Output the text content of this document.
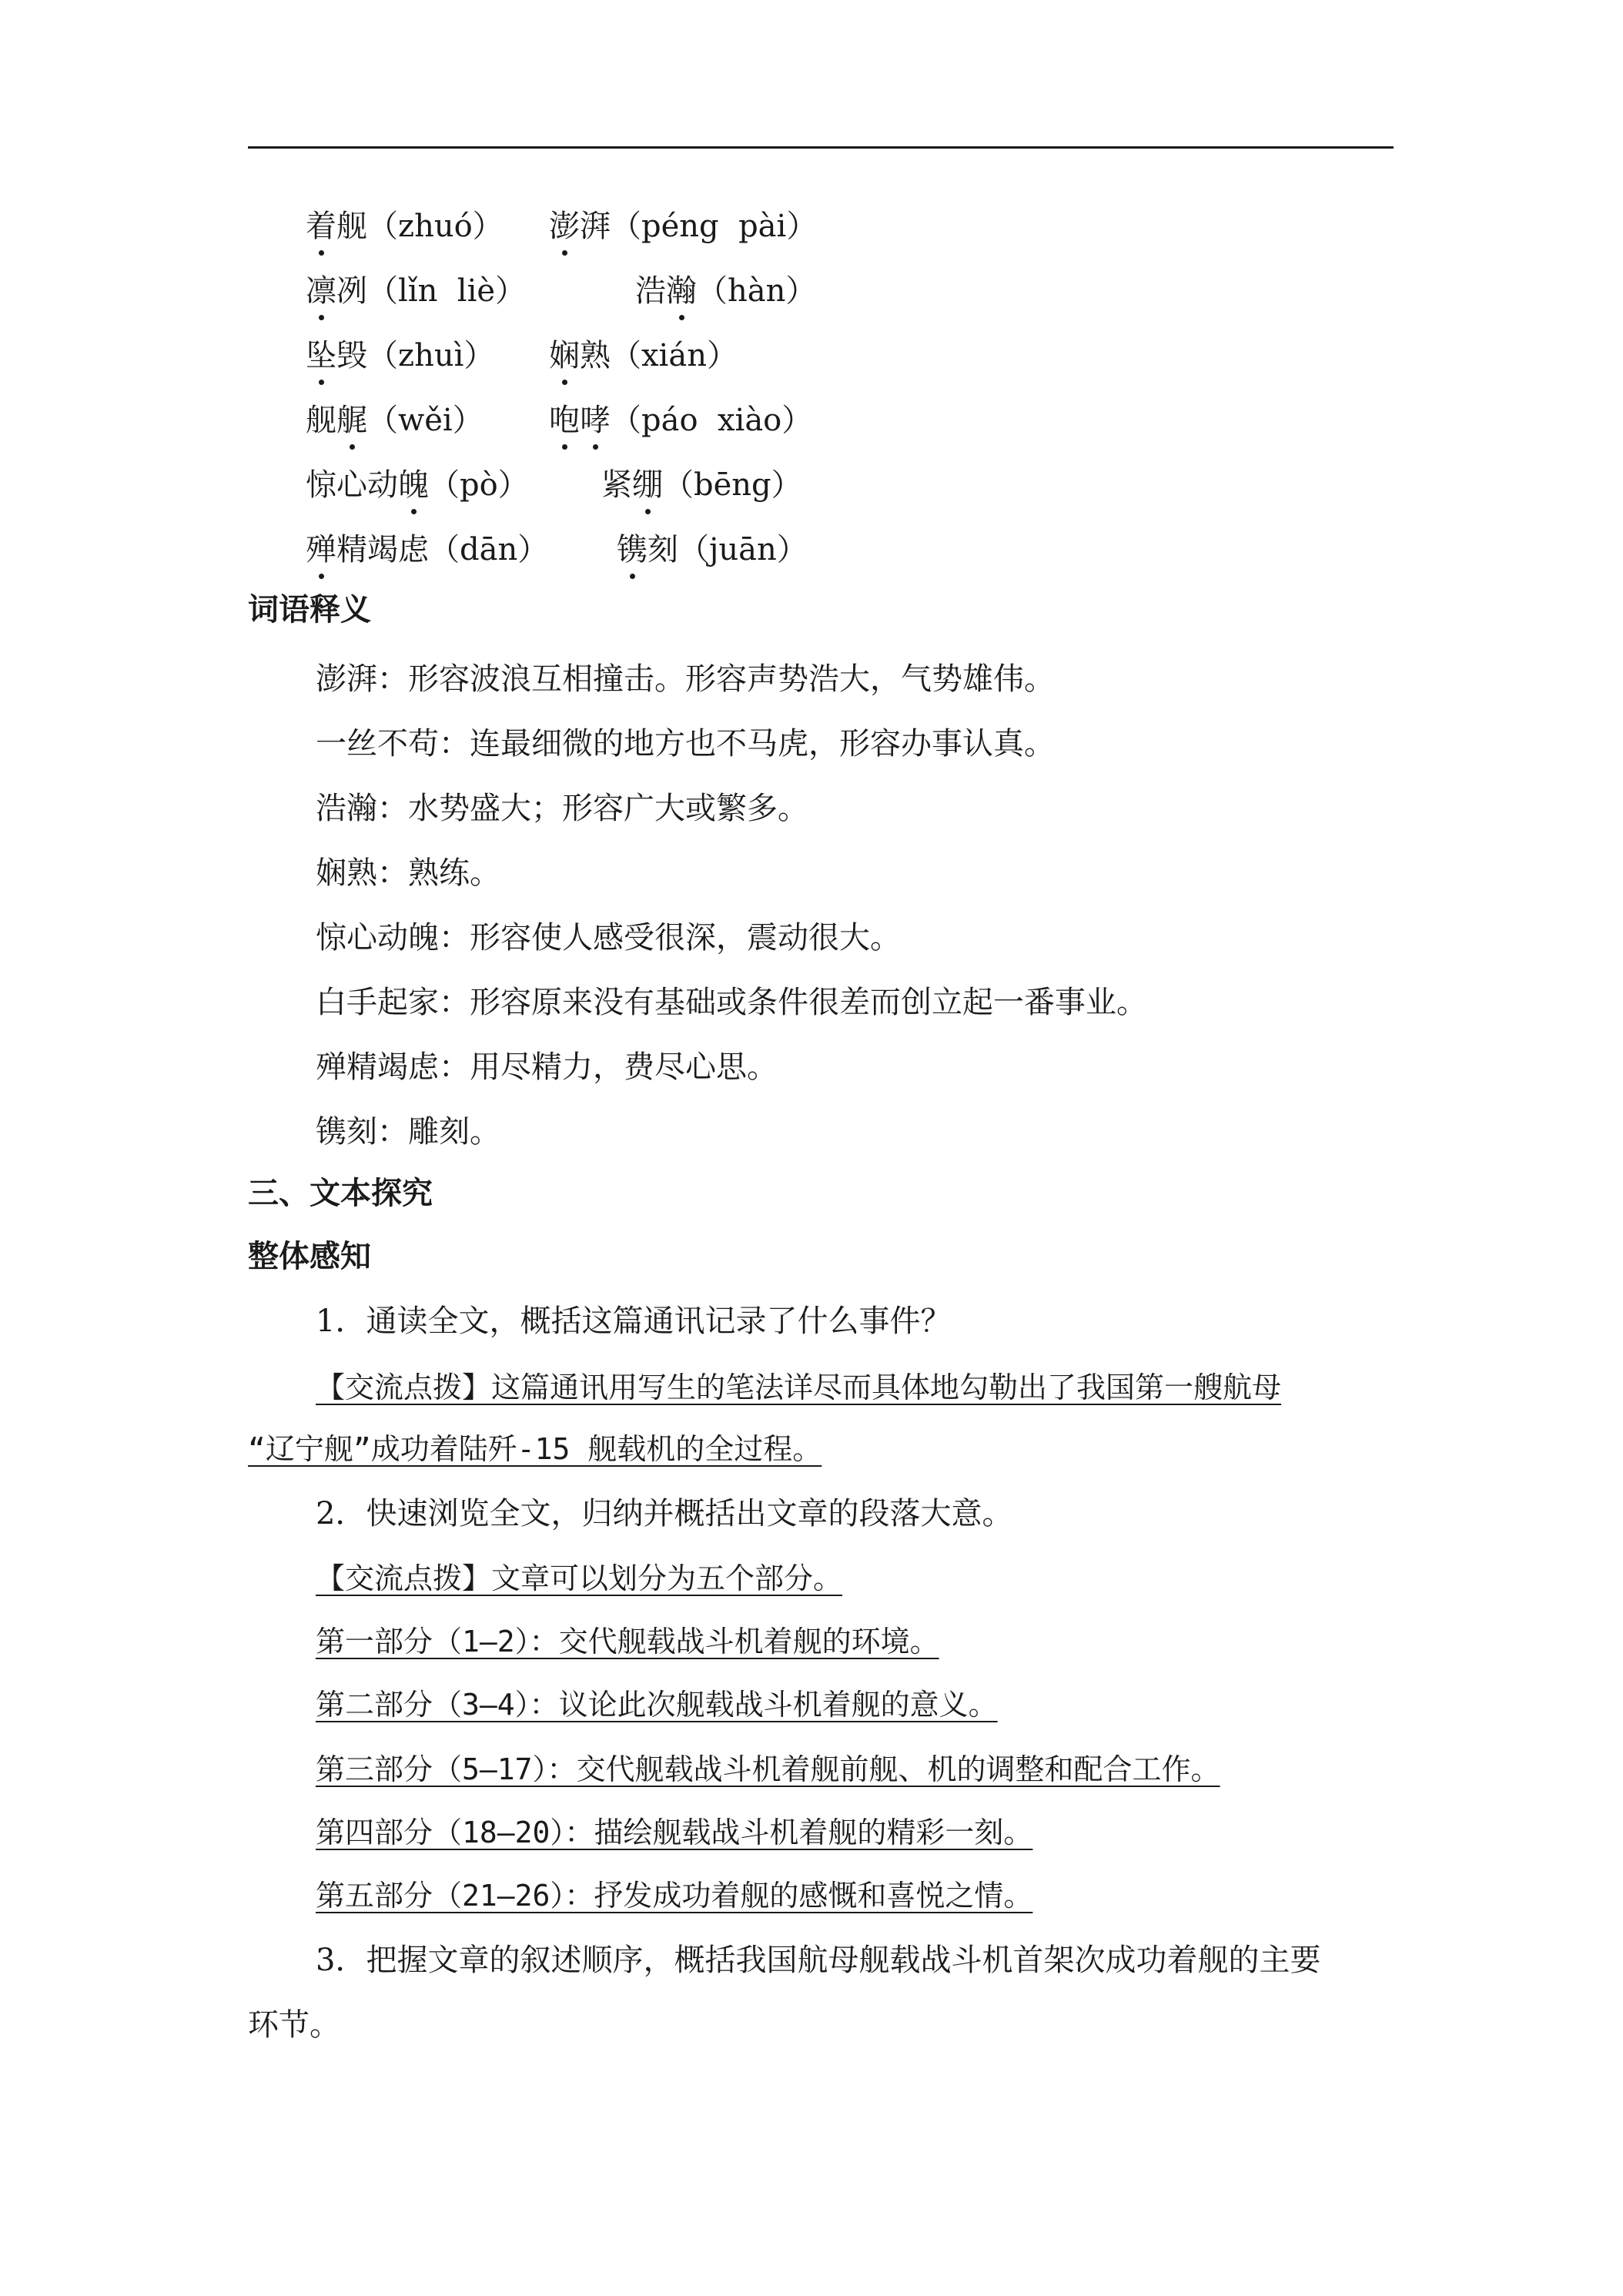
着舰（zhuó） 澎湃（péng  pài）
凛冽（lǐn  liè）	浩瀚（hàn）
坠毁（zhuì） 娴熟（xián）
舰艉（wěi） 咆哮（páo  xiào）
惊心动魄（pò） 紧绷（bēng）
殚精竭虑（dān） 镌刻（juān）
词语释义
澎湃：形容波浪互相撞击。形容声势浩大，气势雄伟。
一丝不苟：连最细微的地方也不马虎，形容办事认真。
浩瀚：水势盛大；形容广大或繁多。
娴熟：熟练。
惊心动魄：形容使人感受很深，震动很大。
白手起家：形容原来没有基础或条件很差而创立起一番事业。
殚精竭虑：用尽精力，费尽心思。
镌刻：雕刻。
三、文本探究
整体感知
1．通读全文，概括这篇通讯记录了什么事件？
【交流点拨】这篇通讯用写生的笔法详尽而具体地勾勒出了我国第一艘航母
“辽宁舰”成功着陆歼-15 舰载机的全过程。
2．快速浏览全文，归纳并概括出文章的段落大意。
【交流点拨】文章可以划分为五个部分。
第一部分（1—2）：交代舰载战斗机着舰的环境。
第二部分（3—4）：议论此次舰载战斗机着舰的意义。
第三部分（5—17）：交代舰载战斗机着舰前舰、机的调整和配合工作。
第四部分（18—20）：描绘舰载战斗机着舰的精彩一刻。
第五部分（21—26）：抒发成功着舰的感慨和喜悦之情。
3．把握文章的叙述顺序，概括我国航母舰载战斗机首架次成功着舰的主要
环节。
